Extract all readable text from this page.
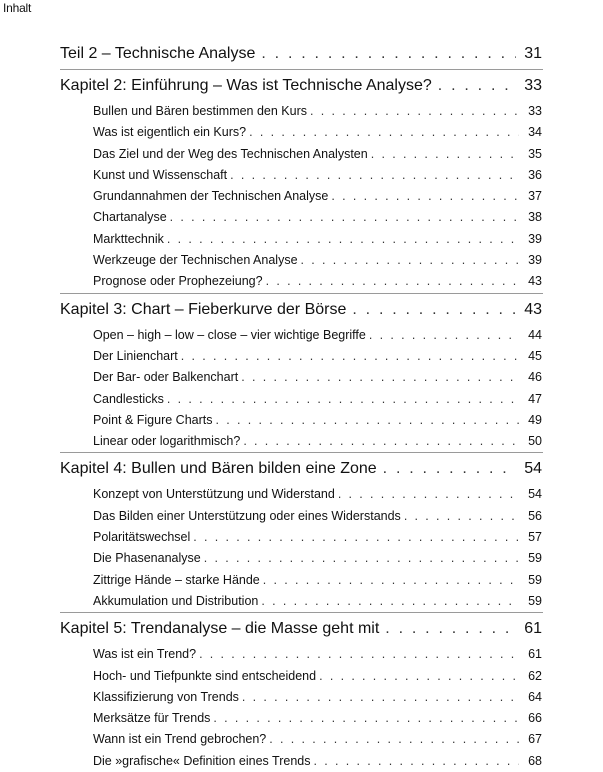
Inhalt
Teil 2 – Technische Analyse . . .	31
Kapitel 2: Einführung – Was ist Technische Analyse? . . .	33
Bullen und Bären bestimmen den Kurs . . .	33
Was ist eigentlich ein Kurs? . . .	34
Das Ziel und der Weg des Technischen Analysten . . .	35
Kunst und Wissenschaft . . .	36
Grundannahmen der Technischen Analyse . . .	37
Chartanalyse . . .	38
Markttechnik . . .	39
Werkzeuge der Technischen Analyse . . .	39
Prognose oder Prophezeiung? . . .	43
Kapitel 3: Chart – Fieberkurve der Börse . . .	43
Open – high – low – close – vier wichtige Begriffe . . .	44
Der Linienchart . . .	45
Der Bar- oder Balkenchart . . .	46
Candlesticks . . .	47
Point & Figure Charts . . .	49
Linear oder logarithmisch? . . .	50
Kapitel 4: Bullen und Bären bilden eine Zone . . .	54
Konzept von Unterstützung und Widerstand . . .	54
Das Bilden einer Unterstützung oder eines Widerstands . . .	56
Polaritätswechsel . . .	57
Die Phasenanalyse . . .	59
Zittrige Hände – starke Hände . . .	59
Akkumulation und Distribution . . .	59
Kapitel 5: Trendanalyse – die Masse geht mit . . .	61
Was ist ein Trend? . . .	61
Hoch- und Tiefpunkte sind entscheidend . . .	62
Klassifizierung von Trends . . .	64
Merksätze für Trends . . .	66
Wann ist ein Trend gebrochen? . . .	67
Die »grafische« Definition eines Trends . . .	68
